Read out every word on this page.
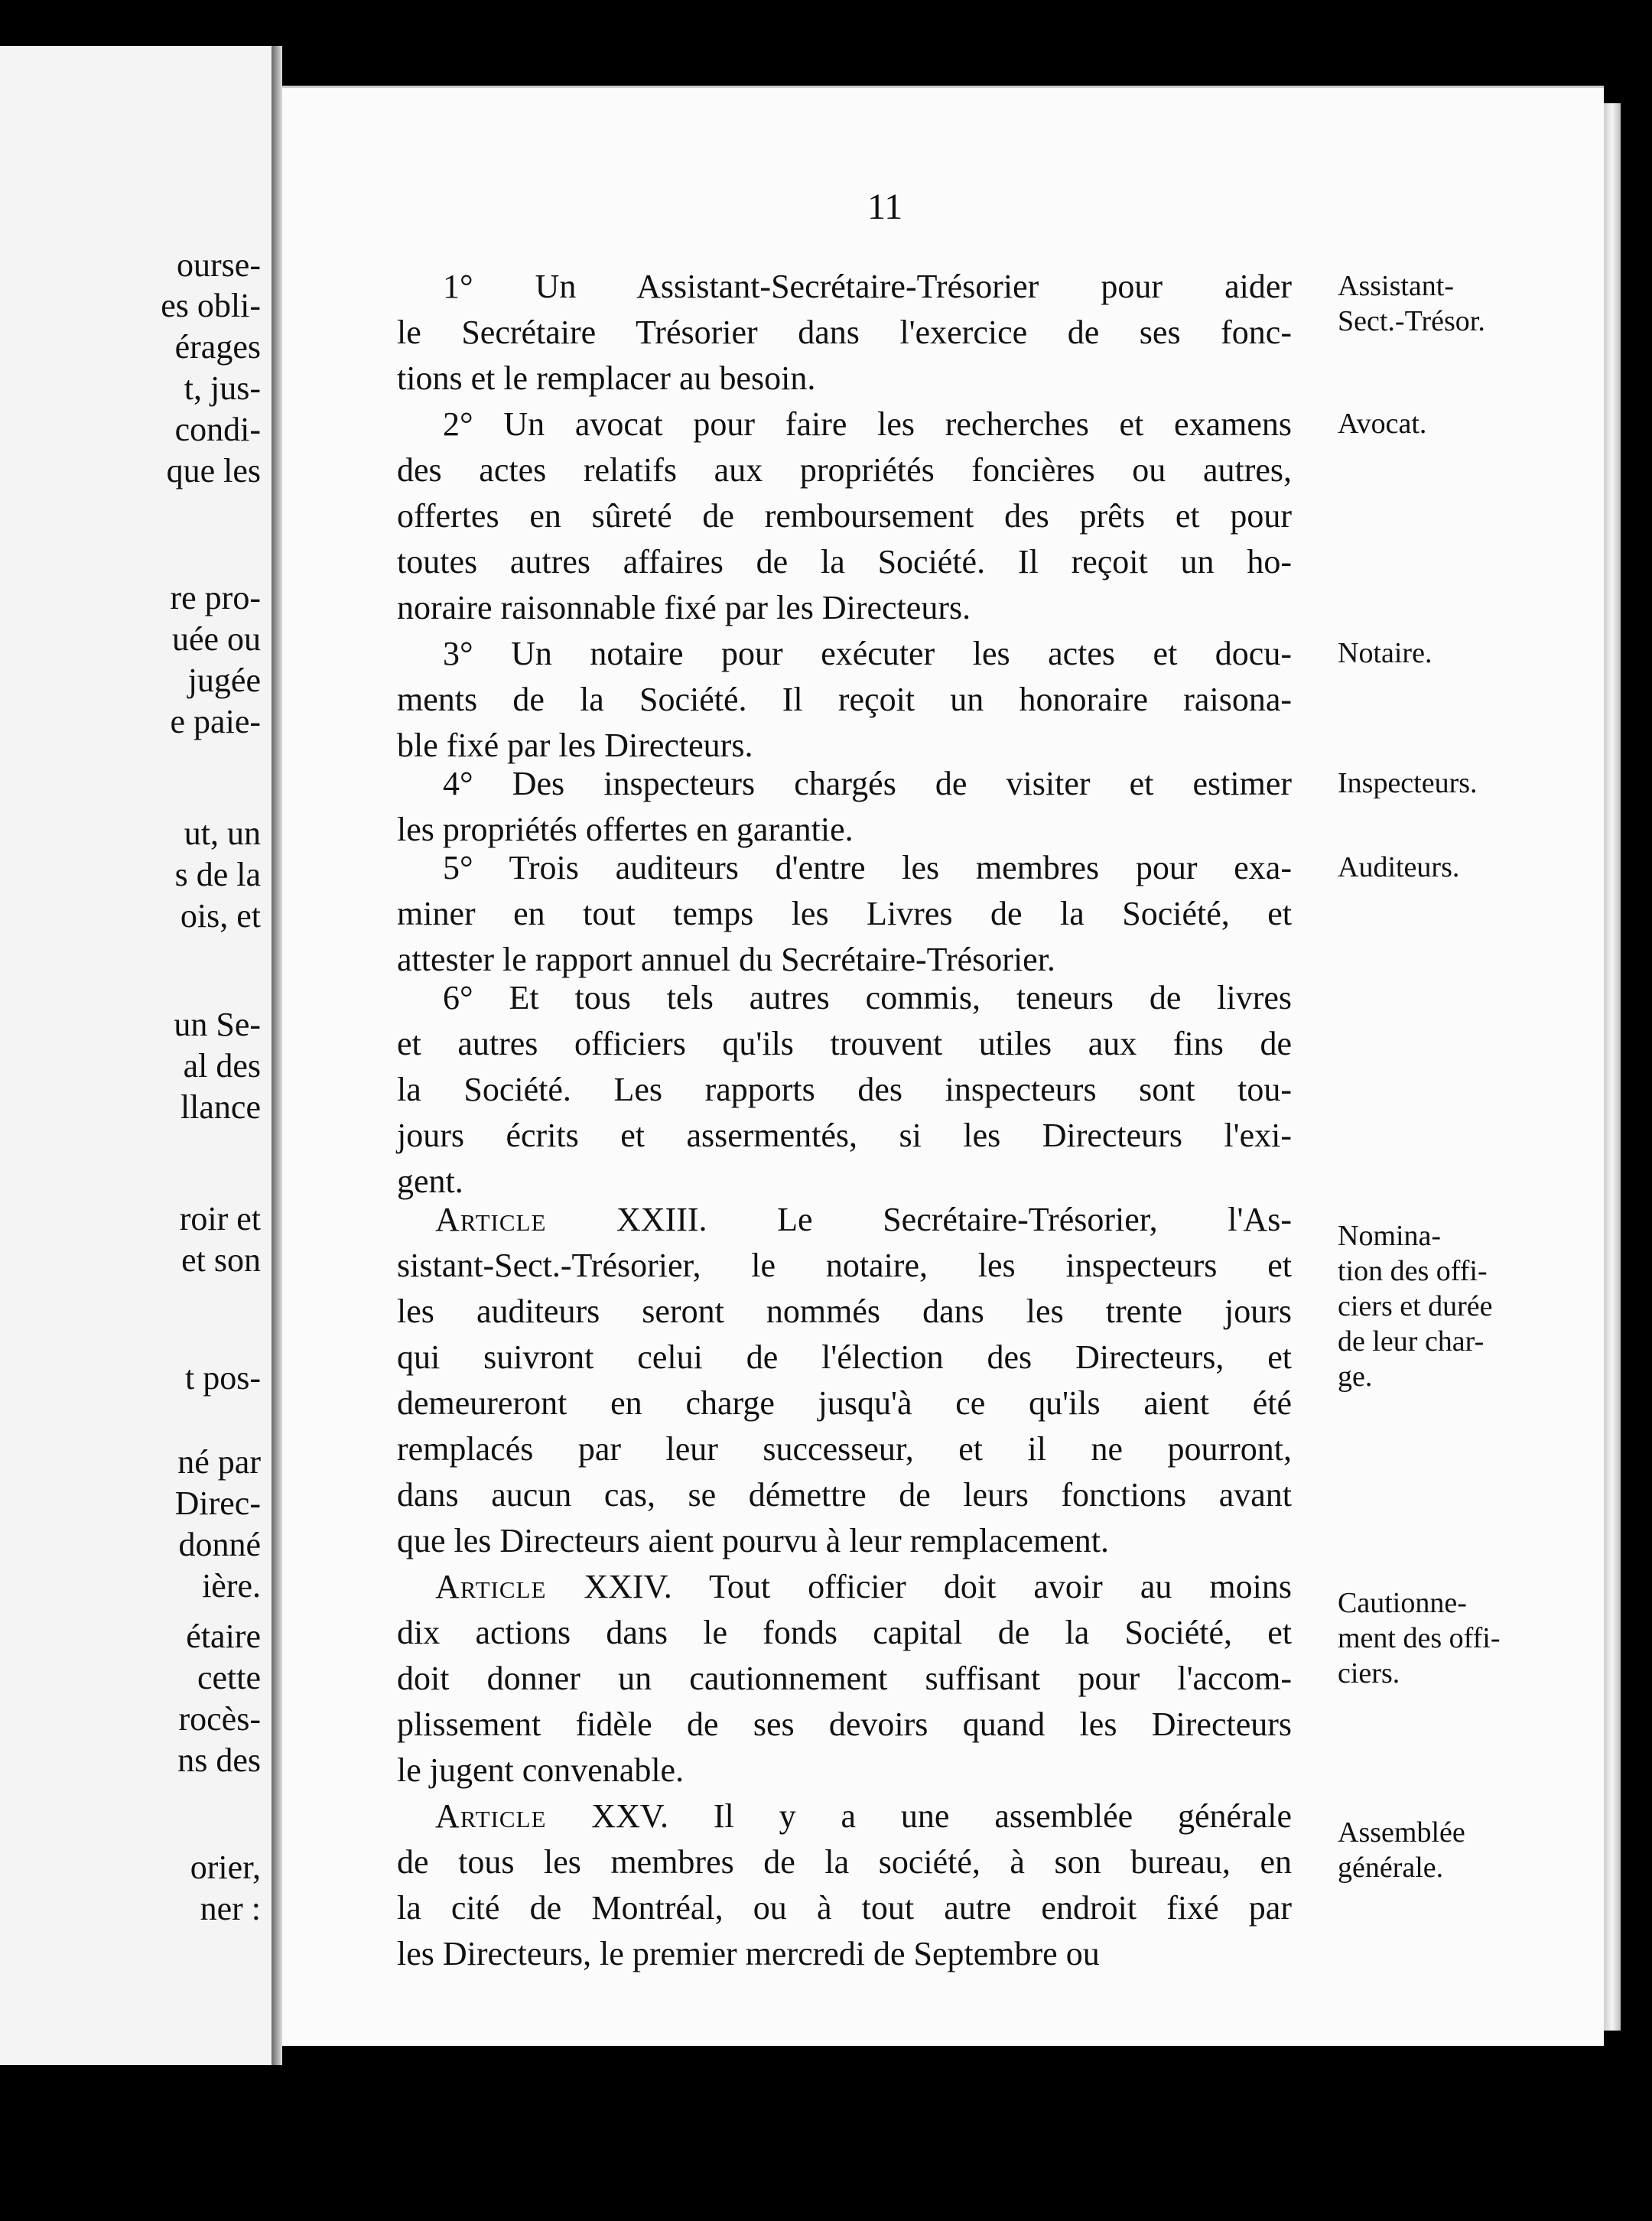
ourse-
es obli-
érages
t, jus-
condi-
que les
re pro-
uée ou
jugée
e paie-
ut, un
s de la
ois, et
un Se-
al des
llance
roir et
et son
t pos-
né par
Direc-
donné
ière.
étaire
cette
rocès-
ns des
orier,
ner :
11
1° Un Assistant-Secrétaire-Trésorier pour aider
le Secrétaire Trésorier dans l'exercice de ses fonc-
tions et le remplacer au besoin.
Assistant-
Sect.-Trésor.
2° Un avocat pour faire les recherches et examens
des actes relatifs aux propriétés foncières ou autres,
offertes en sûreté de remboursement des prêts et pour
toutes autres affaires de la Société. Il reçoit un ho-
noraire raisonnable fixé par les Directeurs.
Avocat.
3° Un notaire pour exécuter les actes et docu-
ments de la Société. Il reçoit un honoraire raisona-
ble fixé par les Directeurs.
Notaire.
4° Des inspecteurs chargés de visiter et estimer
les propriétés offertes en garantie.
Inspecteurs.
5° Trois auditeurs d'entre les membres pour exa-
miner en tout temps les Livres de la Société, et
attester le rapport annuel du Secrétaire-Trésorier.
Auditeurs.
6° Et tous tels autres commis, teneurs de livres
et autres officiers qu'ils trouvent utiles aux fins de
la Société. Les rapports des inspecteurs sont tou-
jours écrits et assermentés, si les Directeurs l'exi-
gent.
Article XXIII. Le Secrétaire-Trésorier, l'As-
sistant-Sect.-Trésorier, le notaire, les inspecteurs et
les auditeurs seront nommés dans les trente jours
qui suivront celui de l'élection des Directeurs, et
demeureront en charge jusqu'à ce qu'ils aient été
remplacés par leur successeur, et il ne pourront,
dans aucun cas, se démettre de leurs fonctions avant
que les Directeurs aient pourvu à leur remplacement.
Nomina-
tion des offi-
ciers et durée
de leur char-
ge.
Article XXIV. Tout officier doit avoir au moins
dix actions dans le fonds capital de la Société, et
doit donner un cautionnement suffisant pour l'accom-
plissement fidèle de ses devoirs quand les Directeurs
le jugent convenable.
Cautionne-
ment des offi-
ciers.
Article XXV. Il y a une assemblée générale
de tous les membres de la société, à son bureau, en
la cité de Montréal, ou à tout autre endroit fixé par
les Directeurs, le premier mercredi de Septembre ou
Assemblée
générale.
